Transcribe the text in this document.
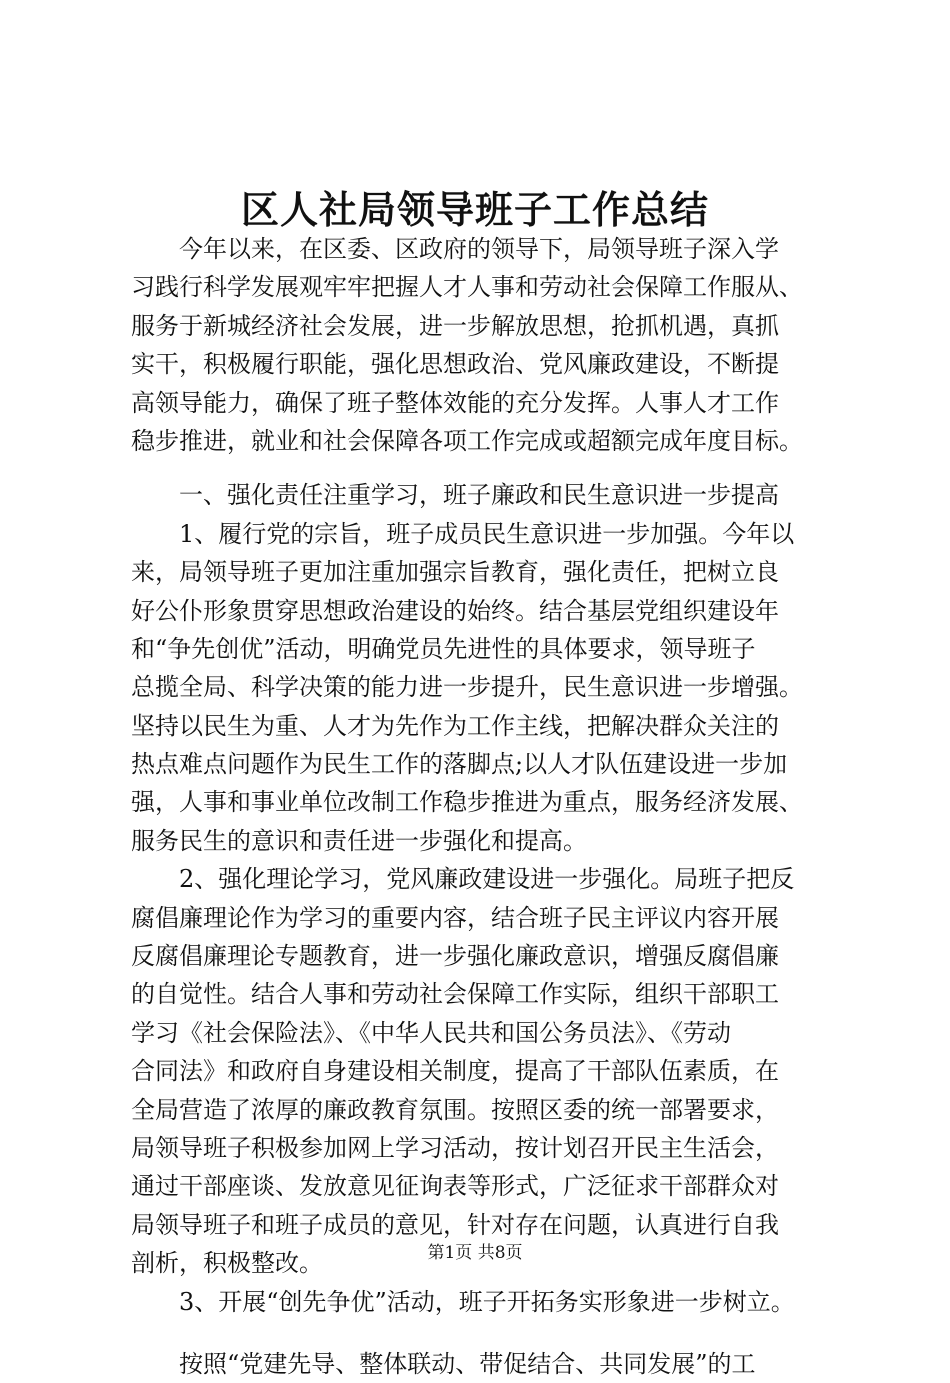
区人社局领导班子工作总结
　　今年以来，在区委、区政府的领导下，局领导班子深入学
习践行科学发展观牢牢把握人才人事和劳动社会保障工作服从、
服务于新城经济社会发展，进一步解放思想，抢抓机遇，真抓
实干，积极履行职能，强化思想政治、党风廉政建设，不断提
高领导能力，确保了班子整体效能的充分发挥。人事人才工作
稳步推进，就业和社会保障各项工作完成或超额完成年度目标。
　　一、强化责任注重学习，班子廉政和民生意识进一步提高
　　1、履行党的宗旨，班子成员民生意识进一步加强。今年以
来，局领导班子更加注重加强宗旨教育，强化责任，把树立良
好公仆形象贯穿思想政治建设的始终。结合基层党组织建设年
和“争先创优”活动，明确党员先进性的具体要求，领导班子
总揽全局、科学决策的能力进一步提升，民生意识进一步增强。
坚持以民生为重、人才为先作为工作主线，把解决群众关注的
热点难点问题作为民生工作的落脚点;以人才队伍建设进一步加
强，人事和事业单位改制工作稳步推进为重点，服务经济发展、
服务民生的意识和责任进一步强化和提高。
　　2、强化理论学习，党风廉政建设进一步强化。局班子把反
腐倡廉理论作为学习的重要内容，结合班子民主评议内容开展
反腐倡廉理论专题教育，进一步强化廉政意识，增强反腐倡廉
的自觉性。结合人事和劳动社会保障工作实际，组织干部职工
学习《社会保险法》、《中华人民共和国公务员法》、《劳动
合同法》和政府自身建设相关制度，提高了干部队伍素质，在
全局营造了浓厚的廉政教育氛围。按照区委的统一部署要求，
局领导班子积极参加网上学习活动，按计划召开民主生活会，
通过干部座谈、发放意见征询表等形式，广泛征求干部群众对
局领导班子和班子成员的意见，针对存在问题，认真进行自我
剖析，积极整改。
　　3、开展“创先争优”活动，班子开拓务实形象进一步树立。
　　按照“党建先导、整体联动、带促结合、共同发展”的工
第1页 共8页
